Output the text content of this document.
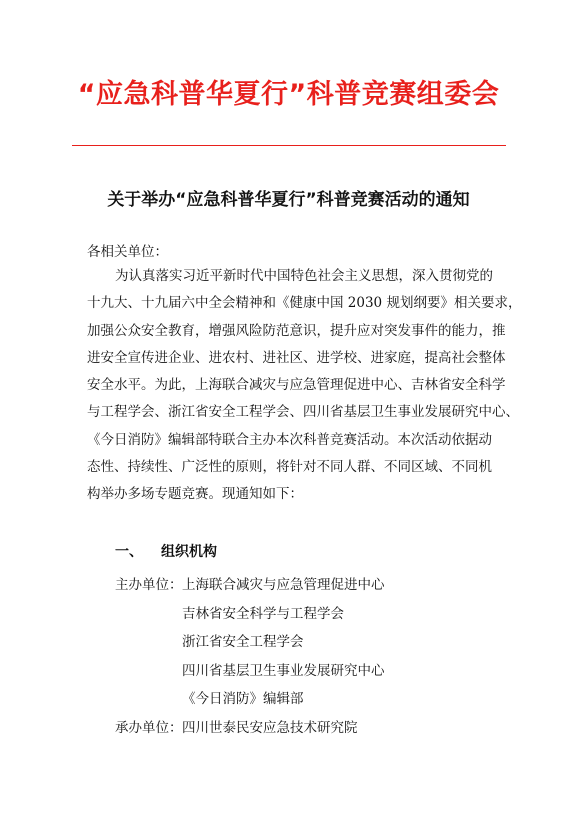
“应急科普华夏行”科普竞赛组委会
关于举办“应急科普华夏行”科普竞赛活动的通知
各相关单位：
为认真落实习近平新时代中国特色社会主义思想，深入贯彻党的
十九大、十九届六中全会精神和《健康中国 2030 规划纲要》相关要求，
加强公众安全教育，增强风险防范意识，提升应对突发事件的能力，推
进安全宣传进企业、进农村、进社区、进学校、进家庭，提高社会整体
安全水平。为此，上海联合减灾与应急管理促进中心、吉林省安全科学
与工程学会、浙江省安全工程学会、四川省基层卫生事业发展研究中心、
《今日消防》编辑部特联合主办本次科普竞赛活动。本次活动依据动
态性、持续性、广泛性的原则，将针对不同人群、不同区域、不同机
构举办多场专题竞赛。现通知如下：
一、 组织机构
主办单位： 上海联合减灾与应急管理促进中心
吉林省安全科学与工程学会
浙江省安全工程学会
四川省基层卫生事业发展研究中心
《今日消防》编辑部
承办单位： 四川世泰民安应急技术研究院
